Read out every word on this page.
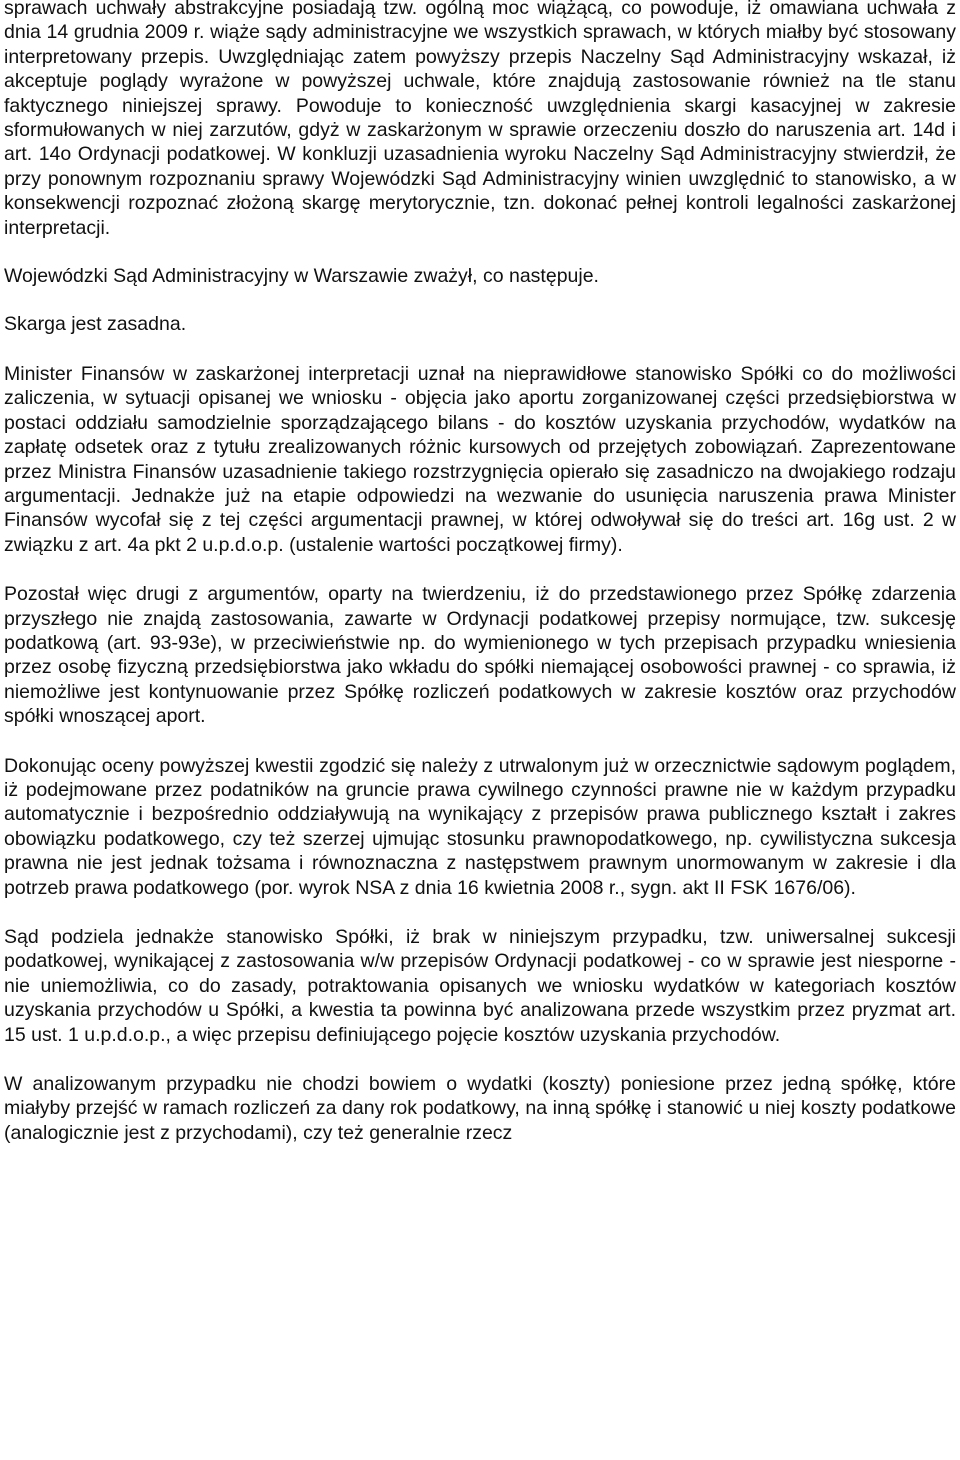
sprawach uchwały abstrakcyjne posiadają tzw. ogólną moc wiążącą, co powoduje, iż omawiana uchwała z dnia 14 grudnia 2009 r. wiąże sądy administracyjne we wszystkich sprawach, w których miałby być stosowany interpretowany przepis. Uwzględniając zatem powyższy przepis Naczelny Sąd Administracyjny wskazał, iż akceptuje poglądy wyrażone w powyższej uchwale, które znajdują zastosowanie również na tle stanu faktycznego niniejszej sprawy. Powoduje to konieczność uwzględnienia skargi kasacyjnej w zakresie sformułowanych w niej zarzutów, gdyż w zaskarżonym w sprawie orzeczeniu doszło do naruszenia art. 14d i art. 14o Ordynacji podatkowej. W konkluzji uzasadnienia wyroku Naczelny Sąd Administracyjny stwierdził, że przy ponownym rozpoznaniu sprawy Wojewódzki Sąd Administracyjny winien uwzględnić to stanowisko, a w konsekwencji rozpoznać złożoną skargę merytorycznie, tzn. dokonać pełnej kontroli legalności zaskarżonej interpretacji.

Wojewódzki Sąd Administracyjny w Warszawie zważył, co następuje.

Skarga jest zasadna.

Minister Finansów w zaskarżonej interpretacji uznał na nieprawidłowe stanowisko Spółki co do możliwości zaliczenia, w sytuacji opisanej we wniosku - objęcia jako aportu zorganizowanej części przedsiębiorstwa w postaci oddziału samodzielnie sporządzającego bilans - do kosztów uzyskania przychodów, wydatków na zapłatę odsetek oraz z tytułu zrealizowanych różnic kursowych od przejętych zobowiązań. Zaprezentowane przez Ministra Finansów uzasadnienie takiego rozstrzygnięcia opierało się zasadniczo na dwojakiego rodzaju argumentacji. Jednakże już na etapie odpowiedzi na wezwanie do usunięcia naruszenia prawa Minister Finansów wycofał się z tej części argumentacji prawnej, w której odwoływał się do treści art. 16g ust. 2 w związku z art. 4a pkt 2 u.p.d.o.p. (ustalenie wartości początkowej firmy).

Pozostał więc drugi z argumentów, oparty na twierdzeniu, iż do przedstawionego przez Spółkę zdarzenia przyszłego nie znajdą zastosowania, zawarte w Ordynacji podatkowej przepisy normujące, tzw. sukcesję podatkową (art. 93-93e), w przeciwieństwie np. do wymienionego w tych przepisach przypadku wniesienia przez osobę fizyczną przedsiębiorstwa jako wkładu do spółki niemającej osobowości prawnej - co sprawia, iż niemożliwe jest kontynuowanie przez Spółkę rozliczeń podatkowych w zakresie kosztów oraz przychodów spółki wnoszącej aport.

Dokonując oceny powyższej kwestii zgodzić się należy z utrwalonym już w orzecznictwie sądowym poglądem, iż podejmowane przez podatników na gruncie prawa cywilnego czynności prawne nie w każdym przypadku automatycznie i bezpośrednio oddziaływują na wynikający z przepisów prawa publicznego kształt i zakres obowiązku podatkowego, czy też szerzej ujmując stosunku prawnopodatkowego, np. cywilistyczna sukcesja prawna nie jest jednak tożsama i równoznaczna z następstwem prawnym unormowanym w zakresie i dla potrzeb prawa podatkowego (por. wyrok NSA z dnia 16 kwietnia 2008 r., sygn. akt II FSK 1676/06).

Sąd podziela jednakże stanowisko Spółki, iż brak w niniejszym przypadku, tzw. uniwersalnej sukcesji podatkowej, wynikającej z zastosowania w/w przepisów Ordynacji podatkowej - co w sprawie jest niesporne - nie uniemożliwia, co do zasady, potraktowania opisanych we wniosku wydatków w kategoriach kosztów uzyskania przychodów u Spółki, a kwestia ta powinna być analizowana przede wszystkim przez pryzmat art. 15 ust. 1 u.p.d.o.p., a więc przepisu definiującego pojęcie kosztów uzyskania przychodów.

W analizowanym przypadku nie chodzi bowiem o wydatki (koszty) poniesione przez jedną spółkę, które miałyby przejść w ramach rozliczeń za dany rok podatkowy, na inną spółkę i stanowić u niej koszty podatkowe (analogicznie jest z przychodami), czy też generalnie rzecz
